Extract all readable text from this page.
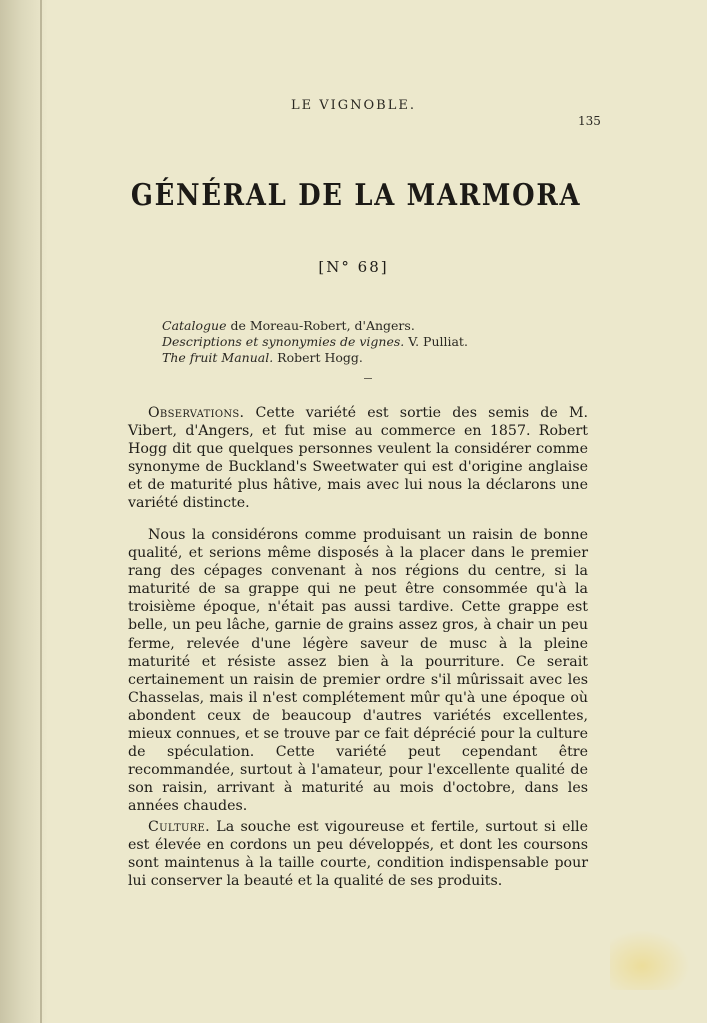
LE VIGNOBLE.
135
GÉNÉRAL DE LA MARMORA
[N° 68]
Catalogue de Moreau-Robert, d'Angers.
Descriptions et synonymies de vignes. V. Pulliat.
The fruit Manual. Robert Hogg.
Observations. Cette variété est sortie des semis de M. Vibert, d'Angers, et fut mise au commerce en 1857. Robert Hogg dit que quelques personnes veulent la considérer comme synonyme de Buckland's Sweetwater qui est d'origine anglaise et de maturité plus hâtive, mais avec lui nous la déclarons une variété distincte.
Nous la considérons comme produisant un raisin de bonne qualité, et serions même disposés à la placer dans le premier rang des cépages convenant à nos régions du centre, si la maturité de sa grappe qui ne peut être consommée qu'à la troisième époque, n'était pas aussi tardive. Cette grappe est belle, un peu lâche, garnie de grains assez gros, à chair un peu ferme, relevée d'une légère saveur de musc à la pleine maturité et résiste assez bien à la pourriture. Ce serait certainement un raisin de premier ordre s'il mûrissait avec les Chasselas, mais il n'est complétement mûr qu'à une époque où abondent ceux de beaucoup d'autres variétés excellentes, mieux connues, et se trouve par ce fait déprécié pour la culture de spéculation. Cette variété peut cependant être recommandée, surtout à l'amateur, pour l'excellente qualité de son raisin, arrivant à maturité au mois d'octobre, dans les années chaudes.
Culture. La souche est vigoureuse et fertile, surtout si elle est élevée en cordons un peu développés, et dont les coursons sont maintenus à la taille courte, condition indispensable pour lui conserver la beauté et la qualité de ses produits.
